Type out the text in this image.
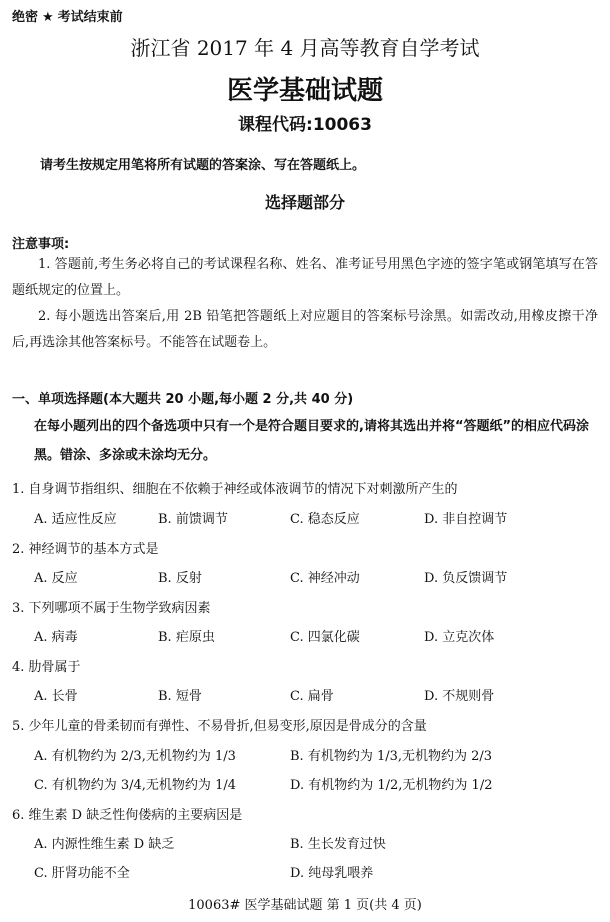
绝密 ★ 考试结束前
浙江省 2017 年 4 月高等教育自学考试
医学基础试题
课程代码:10063
请考生按规定用笔将所有试题的答案涂、写在答题纸上。
选择题部分
注意事项:
1. 答题前,考生务必将自己的考试课程名称、姓名、准考证号用黑色字迹的签字笔或钢笔填写在答题纸规定的位置上。
2. 每小题选出答案后,用 2B 铅笔把答题纸上对应题目的答案标号涂黑。如需改动,用橡皮擦干净后,再选涂其他答案标号。不能答在试题卷上。
一、单项选择题(本大题共 20 小题,每小题 2 分,共 40 分)
在每小题列出的四个备选项中只有一个是符合题目要求的,请将其选出并将“答题纸”的相应代码涂黑。错涂、多涂或未涂均无分。
1. 自身调节指组织、细胞在不依赖于神经或体液调节的情况下对刺激所产生的
A. 适应性反应	B. 前馈调节	C. 稳态反应	D. 非自控调节
2. 神经调节的基本方式是
A. 反应	B. 反射	C. 神经冲动	D. 负反馈调节
3. 下列哪项不属于生物学致病因素
A. 病毒	B. 疟原虫	C. 四氯化碳	D. 立克次体
4. 肋骨属于
A. 长骨	B. 短骨	C. 扁骨	D. 不规则骨
5. 少年儿童的骨柔韧而有弹性、不易骨折,但易变形,原因是骨成分的含量
A. 有机物约为 2/3,无机物约为 1/3	B. 有机物约为 1/3,无机物约为 2/3
C. 有机物约为 3/4,无机物约为 1/4	D. 有机物约为 1/2,无机物约为 1/2
6. 维生素 D 缺乏性佝偻病的主要病因是
A. 内源性维生素 D 缺乏	B. 生长发育过快
C. 肝肾功能不全	D. 纯母乳喂养
10063# 医学基础试题 第 1 页(共 4 页)
